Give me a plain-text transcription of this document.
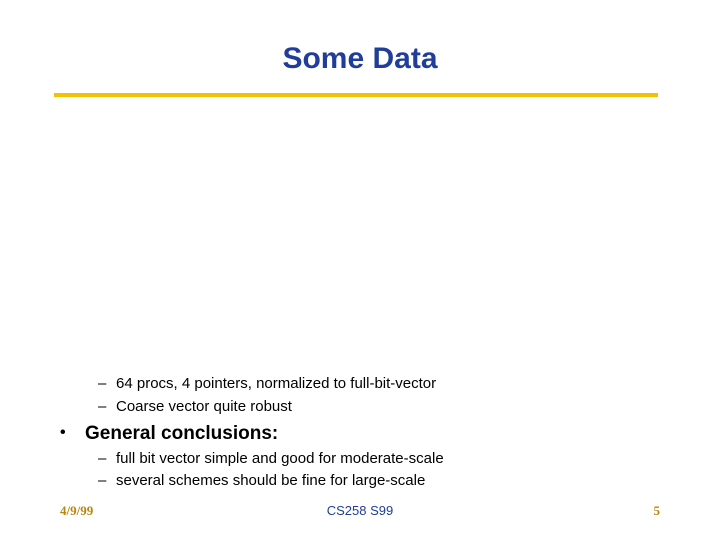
Some Data
– 64 procs, 4 pointers, normalized to full-bit-vector
– Coarse vector quite robust
• General conclusions:
– full bit vector simple and good for moderate-scale
– several schemes should be fine for large-scale
4/9/99	CS258 S99	5
